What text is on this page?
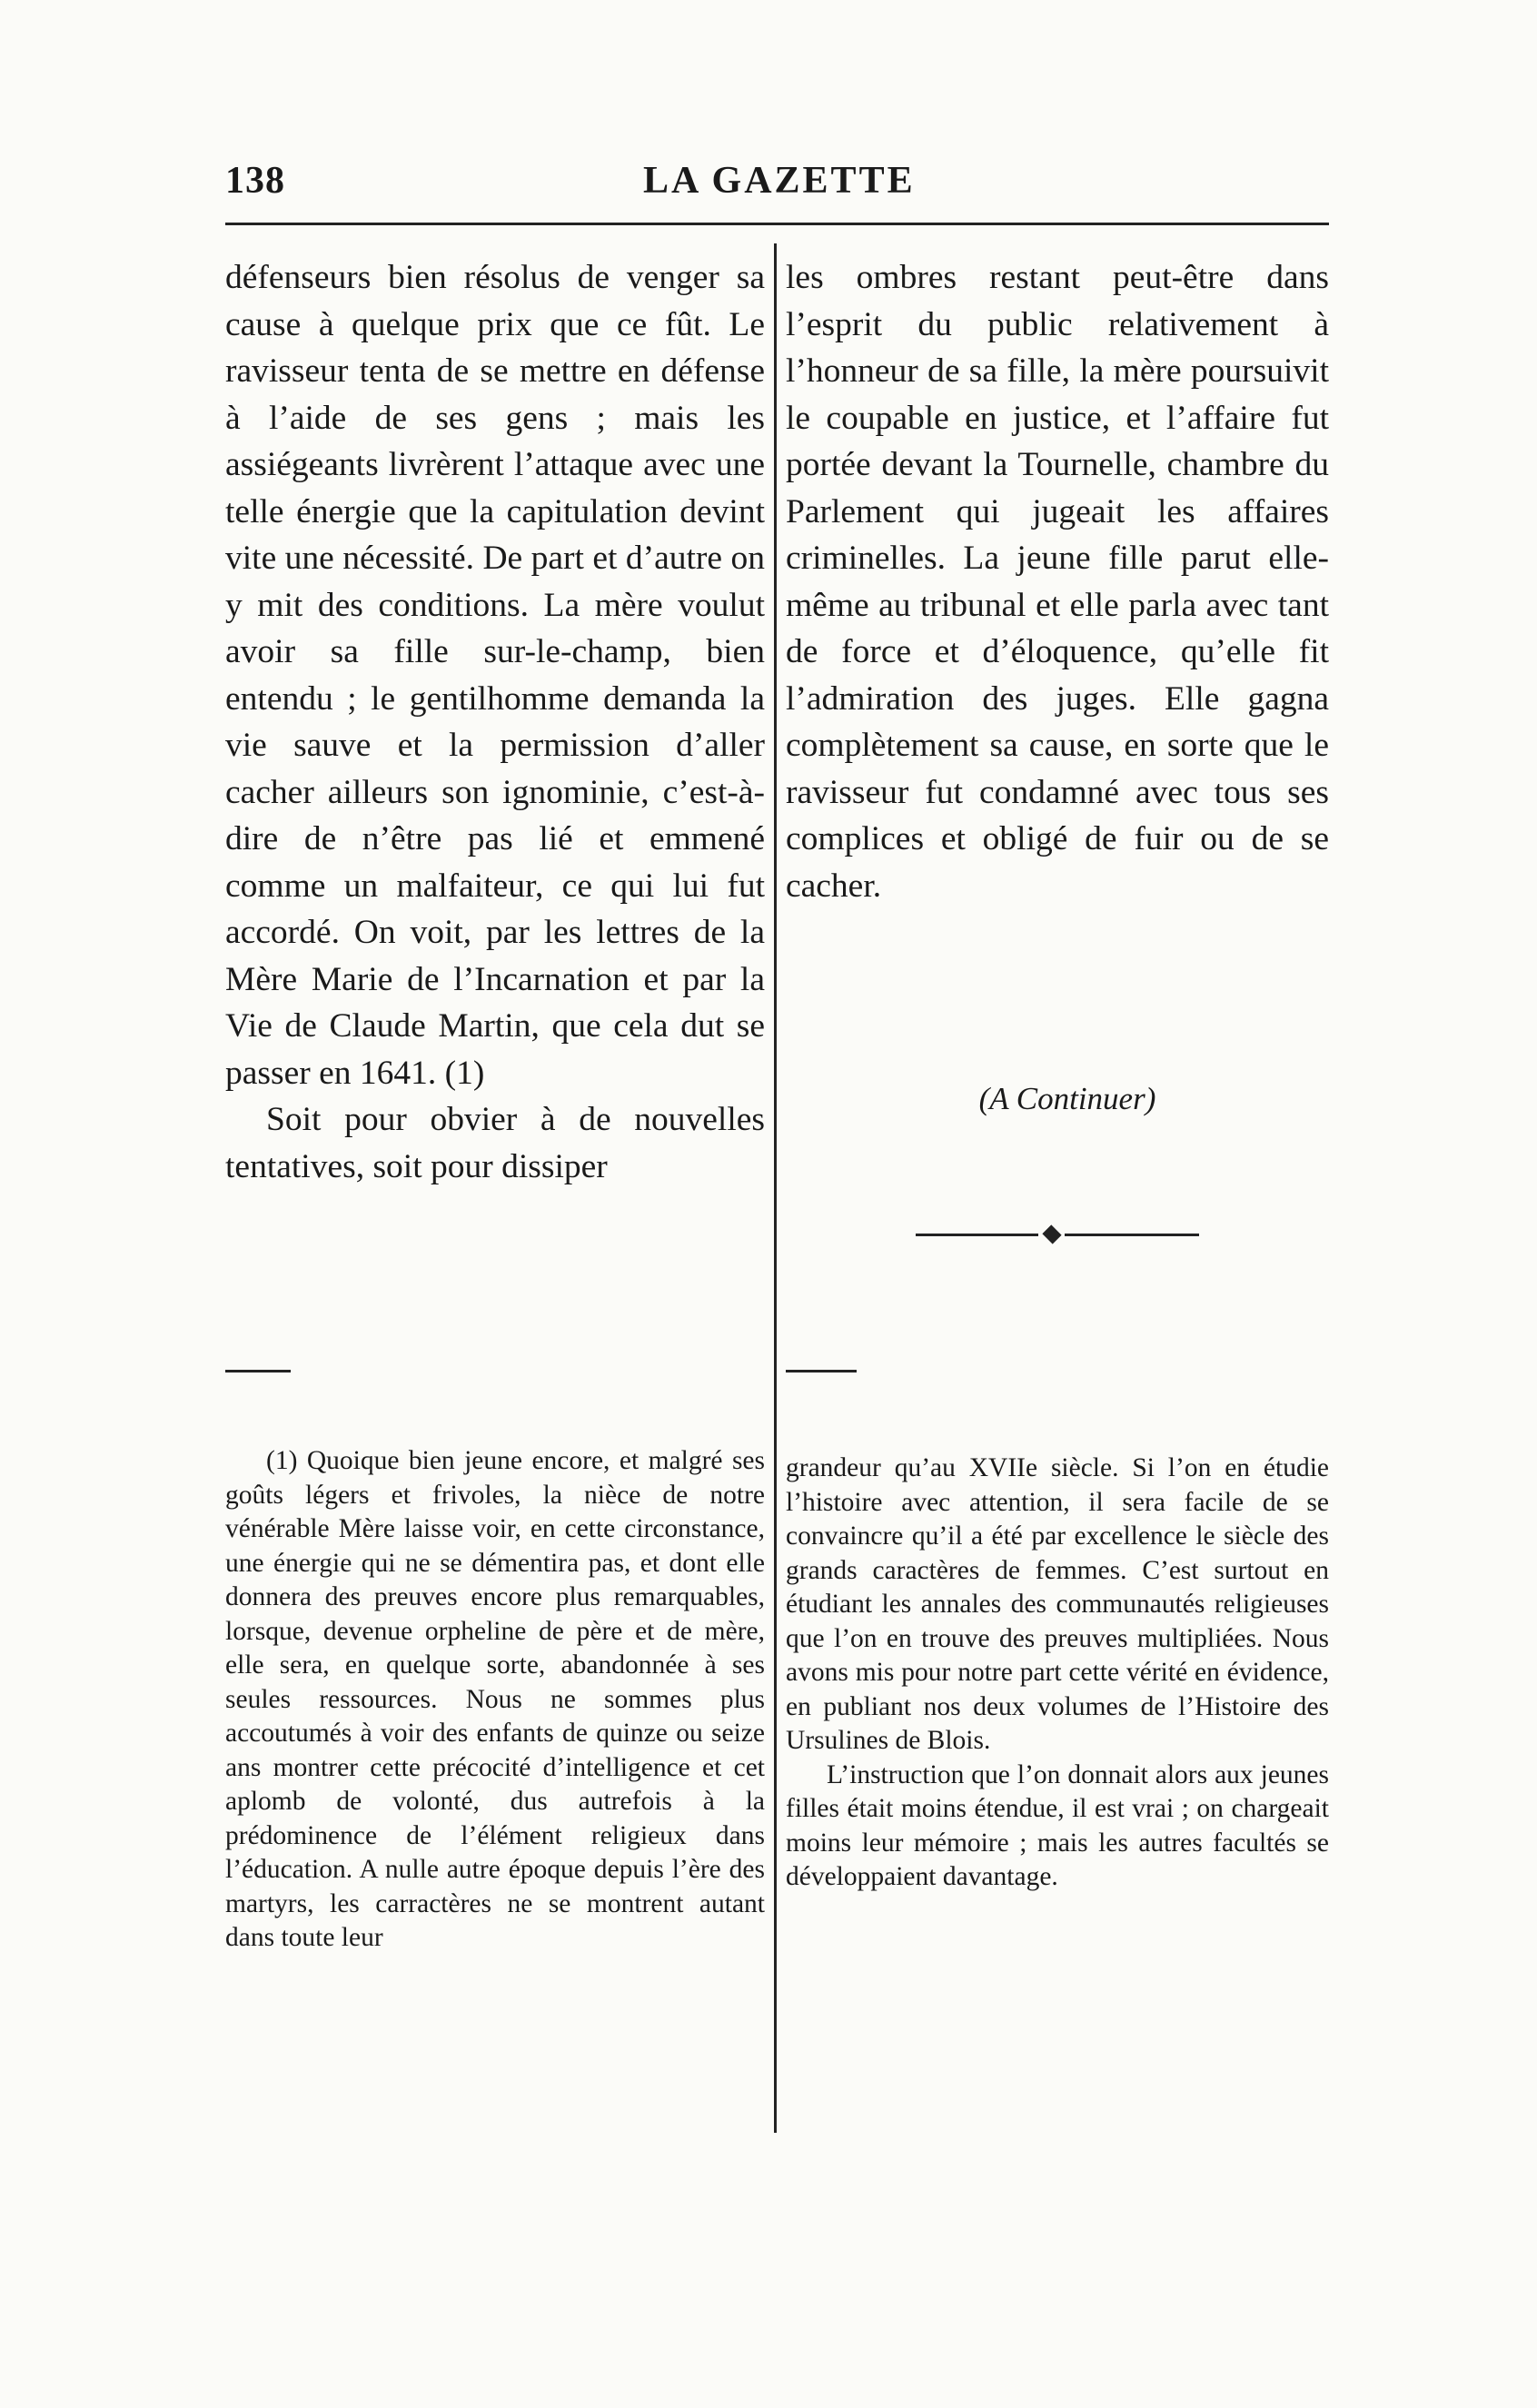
138	LA GAZETTE

défenseurs bien résolus de venger sa cause à quelque prix que ce fût. Le ravisseur tenta de se mettre en défense à l’aide de ses gens ; mais les assiégeants livrèrent l’attaque avec une telle énergie que la capitulation devint vite une nécessité. De part et d’autre on y mit des conditions. La mère voulut avoir sa fille sur-le-champ, bien entendu ; le gentilhomme demanda la vie sauve et la permission d’aller cacher ailleurs son ignominie, c’est-à-dire de n’être pas lié et emmené comme un malfaiteur, ce qui lui fut accordé. On voit, par les lettres de la Mère Marie de l’Incarnation et par la Vie de Claude Martin, que cela dut se passer en 1641. (1)

Soit pour obvier à de nouvelles tentatives, soit pour dissiper

les ombres restant peut-être dans l’esprit du public relativement à l’honneur de sa fille, la mère poursuivit le coupable en justice, et l’affaire fut portée devant la Tournelle, chambre du Parlement qui jugeait les affaires criminelles. La jeune fille parut elle-même au tribunal et elle parla avec tant de force et d’éloquence, qu’elle fit l’admiration des juges. Elle gagna complètement sa cause, en sorte que le ravisseur fut condamné avec tous ses complices et obligé de fuir ou de se cacher.

(A Continuer)

(1) Quoique bien jeune encore, et malgré ses goûts légers et frivoles, la nièce de notre vénérable Mère laisse voir, en cette circonstance, une énergie qui ne se démentira pas, et dont elle donnera des preuves encore plus remarquables, lorsque, devenue orpheline de père et de mère, elle sera, en quelque sorte, abandonnée à ses seules ressources. Nous ne sommes plus accoutumés à voir des enfants de quinze ou seize ans montrer cette précocité d’intelligence et cet aplomb de volonté, dus autrefois à la prédominence de l’élément religieux dans l’éducation. A nulle autre époque depuis l’ère des martyrs, les carractères ne se montrent autant dans toute leur

grandeur qu’au XVIIe siècle. Si l’on en étudie l’histoire avec attention, il sera facile de se convaincre qu’il a été par excellence le siècle des grands caractères de femmes. C’est surtout en étudiant les annales des communautés religieuses que l’on en trouve des preuves multipliées. Nous avons mis pour notre part cette vérité en évidence, en publiant nos deux volumes de l’Histoire des Ursulines de Blois.

L’instruction que l’on donnait alors aux jeunes filles était moins étendue, il est vrai ; on chargeait moins leur mémoire ; mais les autres facultés se développaient davantage.
